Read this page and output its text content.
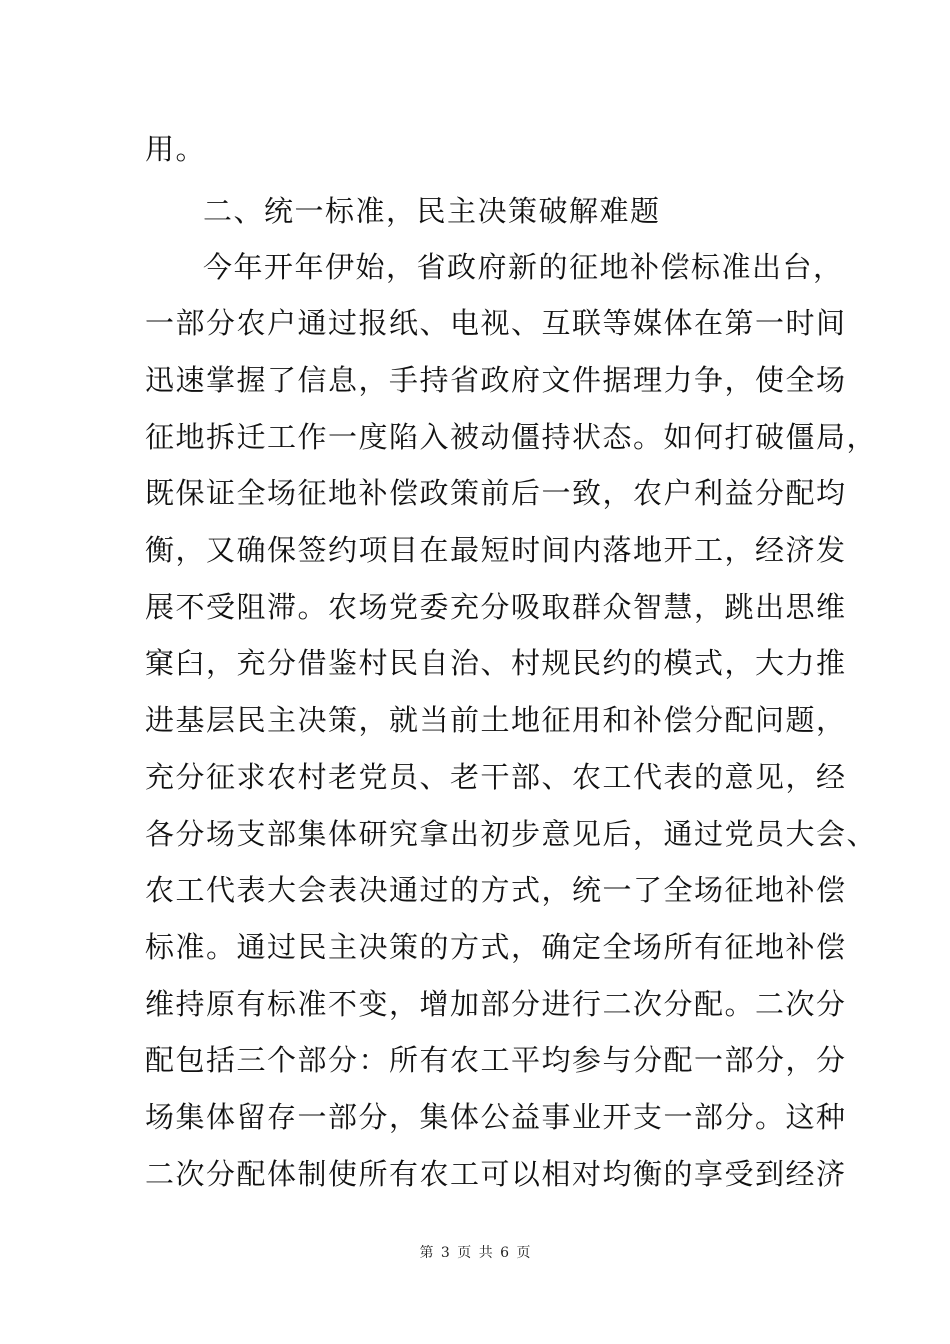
用。
二、统一标准，民主决策破解难题
今年开年伊始，省政府新的征地补偿标准出台，
一部分农户通过报纸、电视、互联等媒体在第一时间
迅速掌握了信息，手持省政府文件据理力争，使全场
征地拆迁工作一度陷入被动僵持状态。如何打破僵局，
既保证全场征地补偿政策前后一致，农户利益分配均
衡，又确保签约项目在最短时间内落地开工，经济发
展不受阻滞。农场党委充分吸取群众智慧，跳出思维
窠臼，充分借鉴村民自治、村规民约的模式，大力推
进基层民主决策，就当前土地征用和补偿分配问题，
充分征求农村老党员、老干部、农工代表的意见，经
各分场支部集体研究拿出初步意见后，通过党员大会、
农工代表大会表决通过的方式，统一了全场征地补偿
标准。通过民主决策的方式，确定全场所有征地补偿
维持原有标准不变，增加部分进行二次分配。二次分
配包括三个部分：所有农工平均参与分配一部分，分
场集体留存一部分，集体公益事业开支一部分。这种
二次分配体制使所有农工可以相对均衡的享受到经济
第 3 页 共 6 页
